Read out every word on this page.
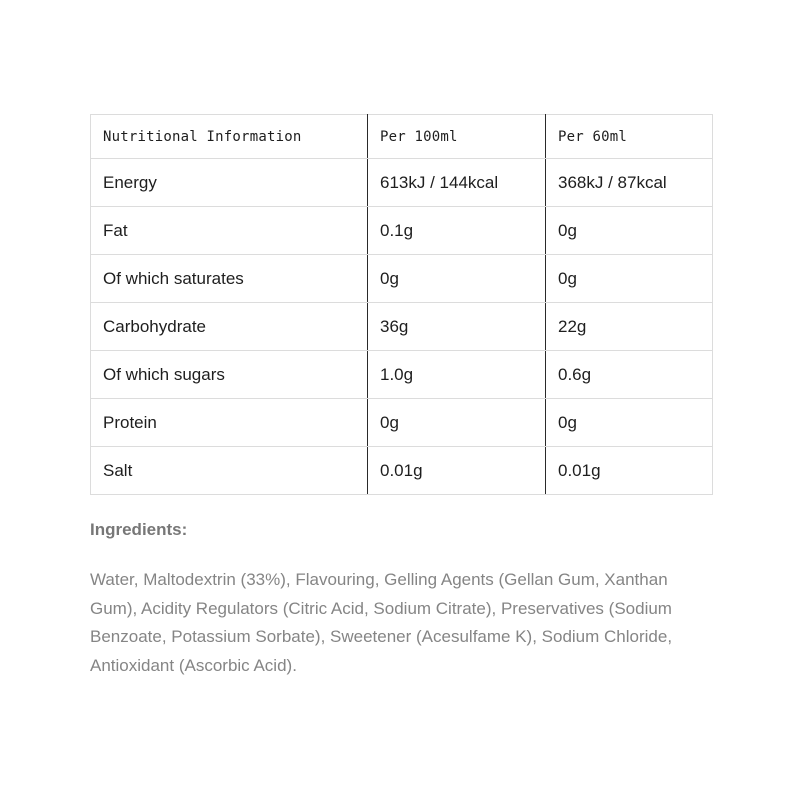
Nutritional Information	Per 100ml	Per 60ml
Energy	613kJ / 144kcal	368kJ / 87kcal
Fat	0.1g	0g
Of which saturates	0g	0g
Carbohydrate	36g	22g
Of which sugars	1.0g	0.6g
Protein	0g	0g
Salt	0.01g	0.01g
Ingredients:

Water, Maltodextrin (33%), Flavouring, Gelling Agents (Gellan Gum, Xanthan Gum), Acidity Regulators (Citric Acid, Sodium Citrate), Preservatives (Sodium Benzoate, Potassium Sorbate), Sweetener (Acesulfame K), Sodium Chloride, Antioxidant (Ascorbic Acid).
